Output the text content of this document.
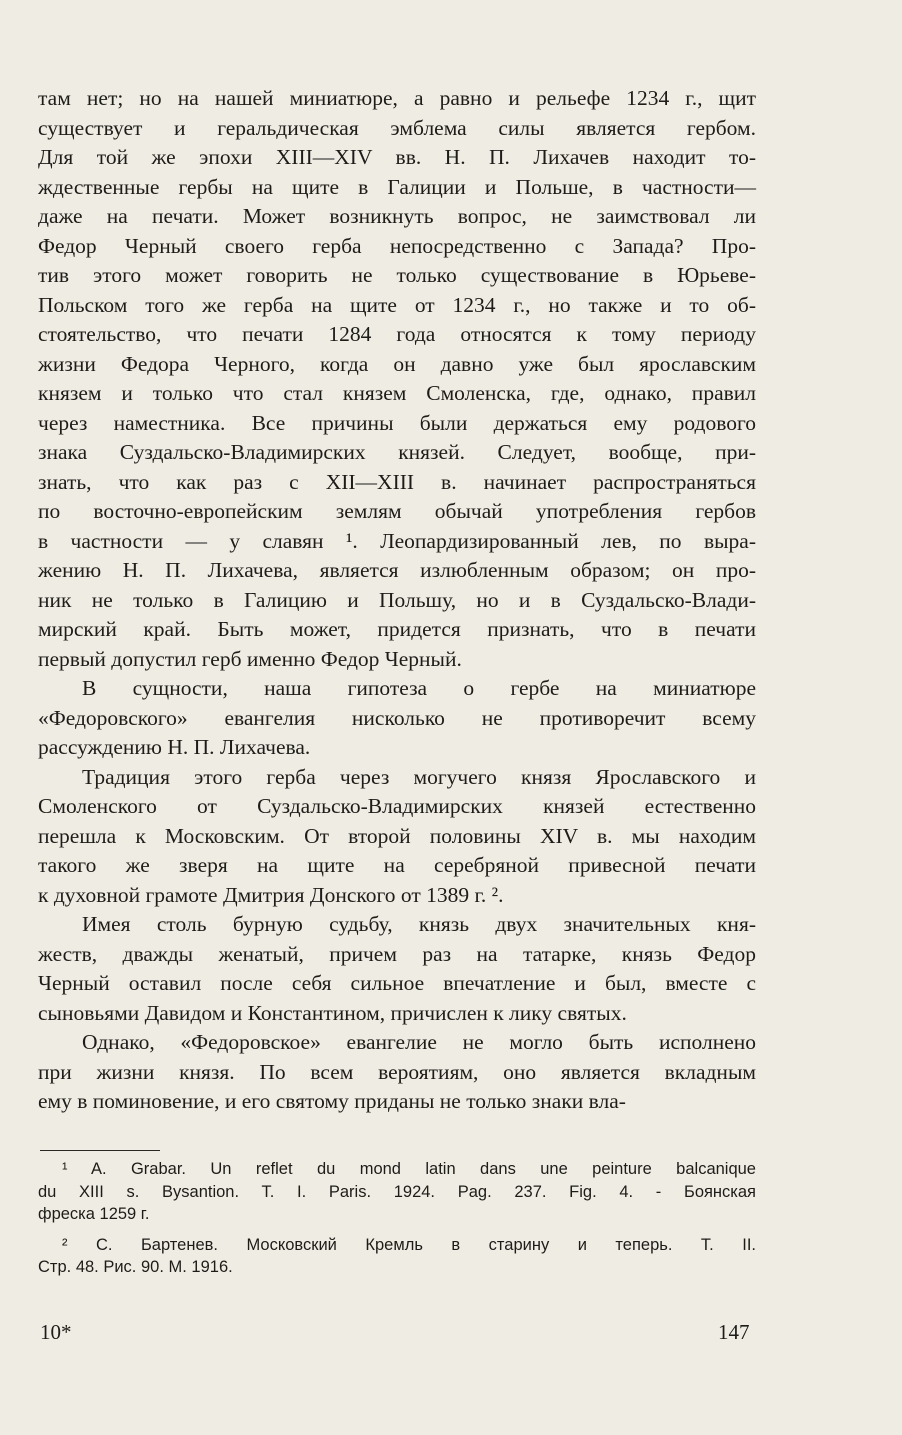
там нет; но на нашей миниатюре, а равно и рельефе 1234 г., щит
существует и геральдическая эмблема силы является гербом.
Для той же эпохи XIII—XIV вв. Н. П. Лихачев находит то-
ждественные гербы на щите в Галиции и Польше, в частности—
даже на печати. Может возникнуть вопрос, не заимствовал ли
Федор Черный своего герба непосредственно с Запада? Про-
тив этого может говорить не только существование в Юрьеве-
Польском того же герба на щите от 1234 г., но также и то об-
стоятельство, что печати 1284 года относятся к тому периоду
жизни Федора Черного, когда он давно уже был ярославским
князем и только что стал князем Смоленска, где, однако, правил
через наместника. Все причины были держаться ему родового
знака Суздальско-Владимирских князей. Следует, вообще, при-
знать, что как раз с XII—XIII в. начинает распространяться
по восточно-европейским землям обычай употребления гербов
в частности — у славян ¹. Леопардизированный лев, по выра-
жению Н. П. Лихачева, является излюбленным образом; он про-
ник не только в Галицию и Польшу, но и в Суздальско-Влади-
мирский край. Быть может, придется признать, что в печати
первый допустил герб именно Федор Черный.
В сущности, наша гипотеза о гербе на миниатюре
«Федоровского» евангелия нисколько не противоречит всему
рассуждению Н. П. Лихачева.
Традиция этого герба через могучего князя Ярославского и
Смоленского от Суздальско-Владимирских князей естественно
перешла к Московским. От второй половины XIV в. мы находим
такого же зверя на щите на серебряной привесной печати
к духовной грамоте Дмитрия Донского от 1389 г. ².
Имея столь бурную судьбу, князь двух значительных кня-
жеств, дважды женатый, причем раз на татарке, князь Федор
Черный оставил после себя сильное впечатление и был, вместе с
сыновьями Давидом и Константином, причислен к лику святых.
Однако, «Федоровское» евангелие не могло быть исполнено
при жизни князя. По всем вероятиям, оно является вкладным
ему в поминовение, и его святому приданы не только знаки вла-
¹ A. Grabar. Un reflet du mond latin dans une peinture balcanique
du XIII s. Bysantion. T. I. Paris. 1924. Pag. 237. Fig. 4. - Боянская
фреска 1259 г.
² С. Бартенев. Московский Кремль в старину и теперь. Т. II.
Стр. 48. Рис. 90. М. 1916.
10*	147
